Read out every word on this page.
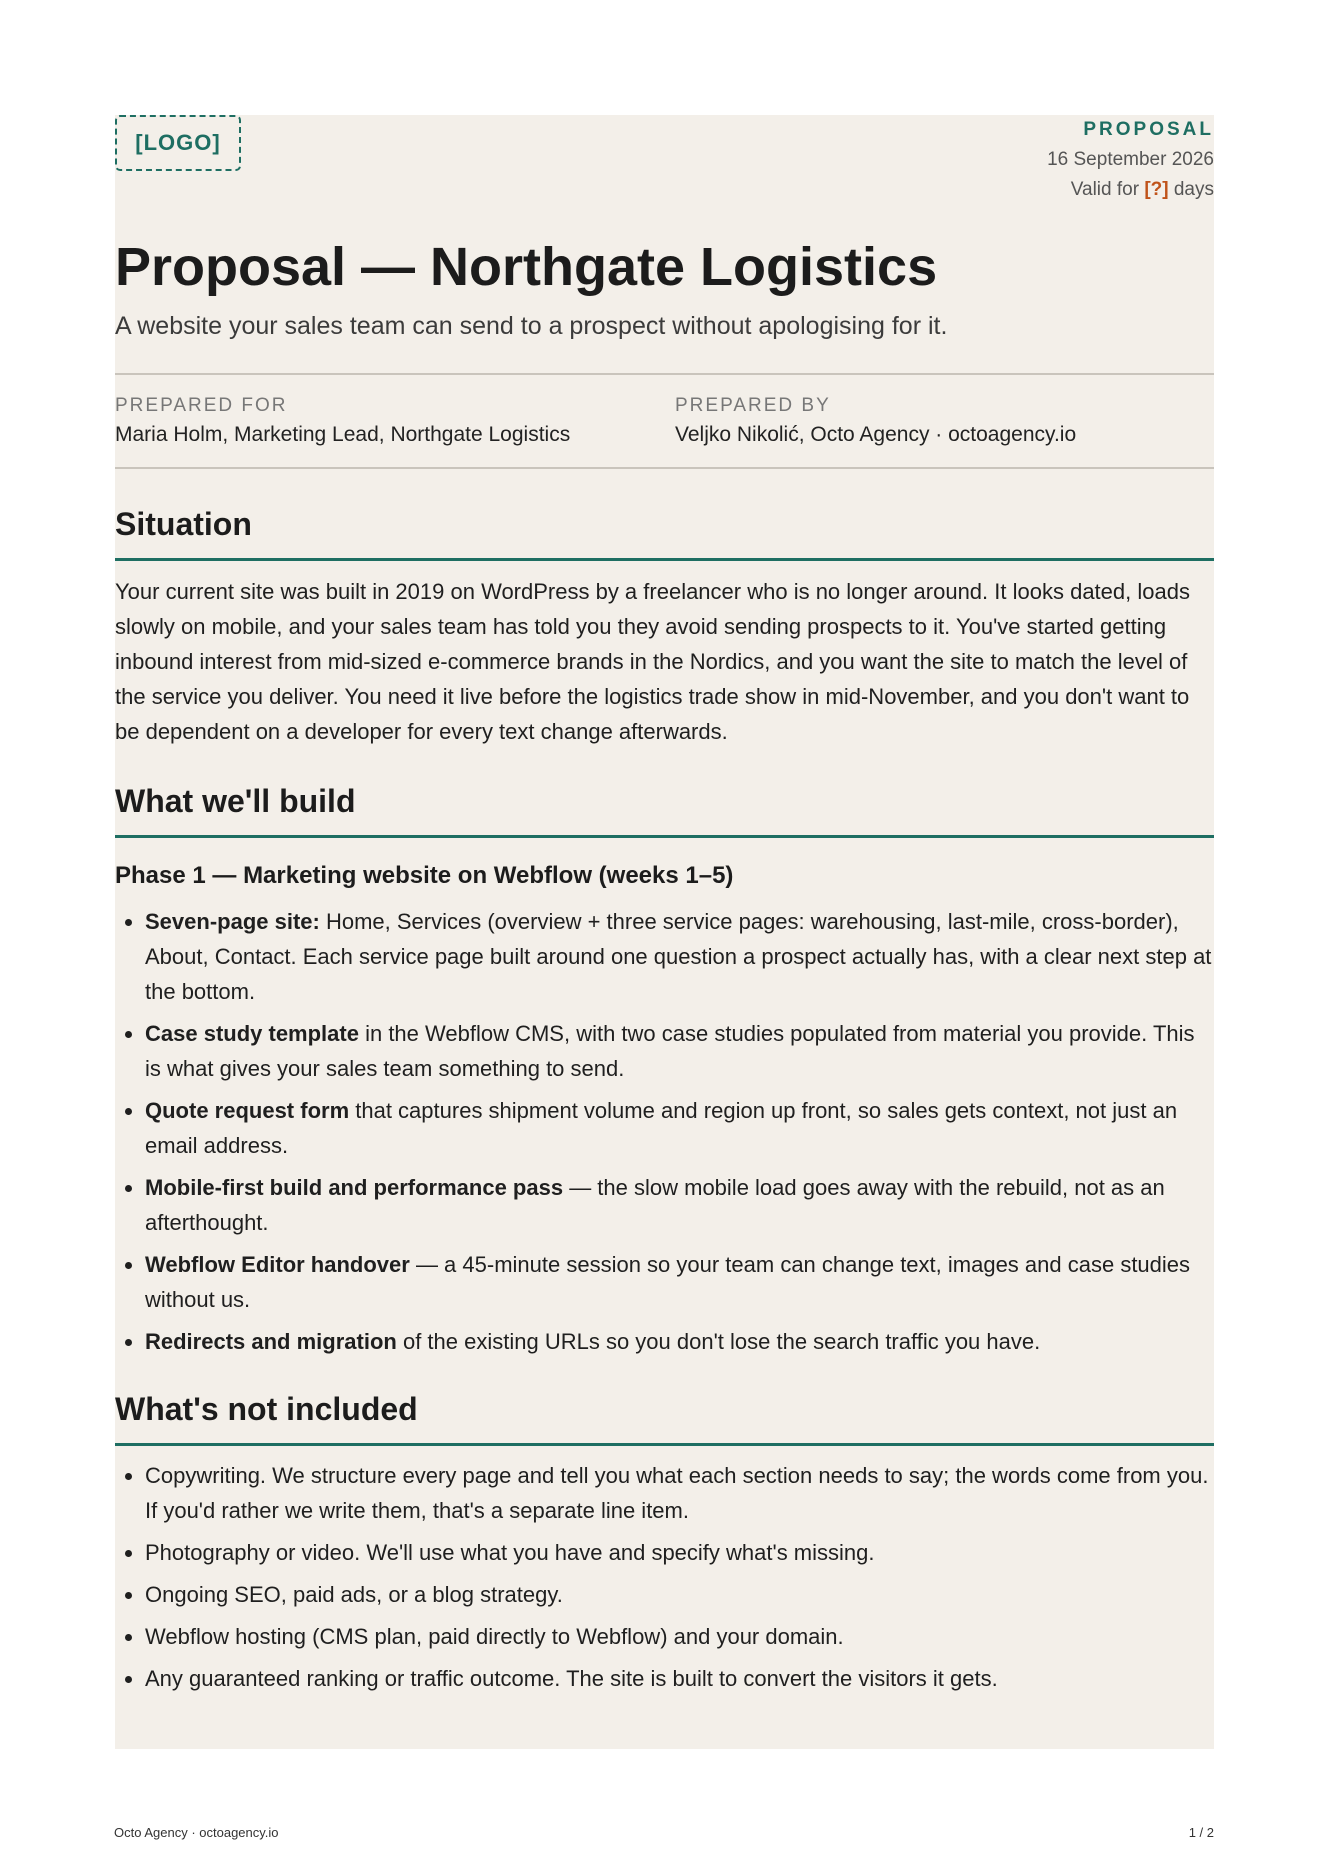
[LOGO]
PROPOSAL
16 September 2026
Valid for [?] days
Proposal — Northgate Logistics
A website your sales team can send to a prospect without apologising for it.
PREPARED FOR
Maria Holm, Marketing Lead, Northgate Logistics
PREPARED BY
Veljko Nikolić, Octo Agency · octoagency.io
Situation
Your current site was built in 2019 on WordPress by a freelancer who is no longer around. It looks dated, loads slowly on mobile, and your sales team has told you they avoid sending prospects to it. You've started getting inbound interest from mid-sized e-commerce brands in the Nordics, and you want the site to match the level of the service you deliver. You need it live before the logistics trade show in mid-November, and you don't want to be dependent on a developer for every text change afterwards.
What we'll build
Phase 1 — Marketing website on Webflow (weeks 1–5)
• Seven-page site: Home, Services (overview + three service pages: warehousing, last-mile, cross-border), About, Contact. Each service page built around one question a prospect actually has, with a clear next step at the bottom.
• Case study template in the Webflow CMS, with two case studies populated from material you provide. This is what gives your sales team something to send.
• Quote request form that captures shipment volume and region up front, so sales gets context, not just an email address.
• Mobile-first build and performance pass — the slow mobile load goes away with the rebuild, not as an afterthought.
• Webflow Editor handover — a 45-minute session so your team can change text, images and case studies without us.
• Redirects and migration of the existing URLs so you don't lose the search traffic you have.
What's not included
• Copywriting. We structure every page and tell you what each section needs to say; the words come from you. If you'd rather we write them, that's a separate line item.
• Photography or video. We'll use what you have and specify what's missing.
• Ongoing SEO, paid ads, or a blog strategy.
• Webflow hosting (CMS plan, paid directly to Webflow) and your domain.
• Any guaranteed ranking or traffic outcome. The site is built to convert the visitors it gets.
Octo Agency · octoagency.io	1 / 2
